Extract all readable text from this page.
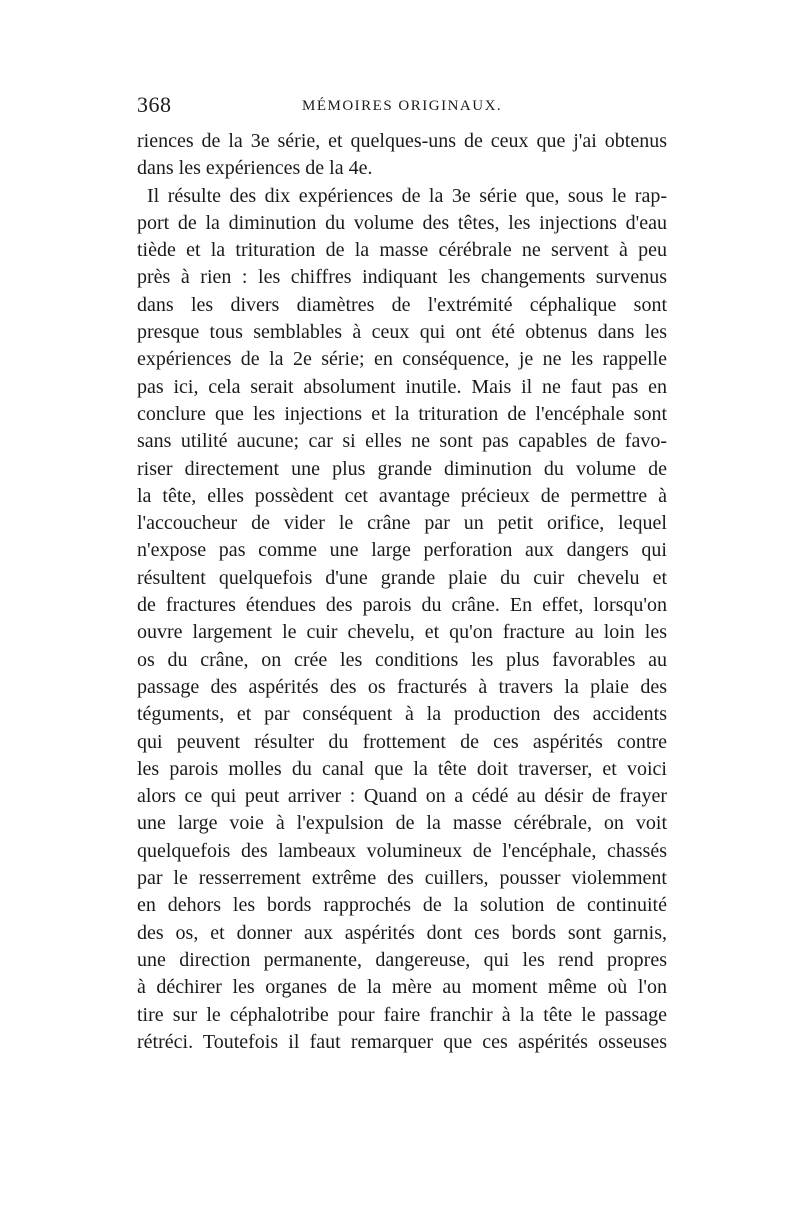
368	MÉMOIRES ORIGINAUX.
riences de la 3e série, et quelques-uns de ceux que j'ai obtenus
dans les expériences de la 4e.
Il résulte des dix expériences de la 3e série que, sous le rap-
port de la diminution du volume des têtes, les injections d'eau
tiède et la trituration de la masse cérébrale ne servent à peu
près à rien : les chiffres indiquant les changements survenus
dans les divers diamètres de l'extrémité céphalique sont
presque tous semblables à ceux qui ont été obtenus dans les
expériences de la 2e série; en conséquence, je ne les rappelle
pas ici, cela serait absolument inutile. Mais il ne faut pas en
conclure que les injections et la trituration de l'encéphale sont
sans utilité aucune; car si elles ne sont pas capables de favo-
riser directement une plus grande diminution du volume de
la tête, elles possèdent cet avantage précieux de permettre à
l'accoucheur de vider le crâne par un petit orifice, lequel
n'expose pas comme une large perforation aux dangers qui
résultent quelquefois d'une grande plaie du cuir chevelu et
de fractures étendues des parois du crâne. En effet, lorsqu'on
ouvre largement le cuir chevelu, et qu'on fracture au loin les
os du crâne, on crée les conditions les plus favorables au
passage des aspérités des os fracturés à travers la plaie des
téguments, et par conséquent à la production des accidents
qui peuvent résulter du frottement de ces aspérités contre
les parois molles du canal que la tête doit traverser, et voici
alors ce qui peut arriver : Quand on a cédé au désir de frayer
une large voie à l'expulsion de la masse cérébrale, on voit
quelquefois des lambeaux volumineux de l'encéphale, chassés
par le resserrement extrême des cuillers, pousser violemment
en dehors les bords rapprochés de la solution de continuité
des os, et donner aux aspérités dont ces bords sont garnis,
une direction permanente, dangereuse, qui les rend propres
à déchirer les organes de la mère au moment même où l'on
tire sur le céphalotribe pour faire franchir à la tête le passage
rétréci. Toutefois il faut remarquer que ces aspérités osseuses
